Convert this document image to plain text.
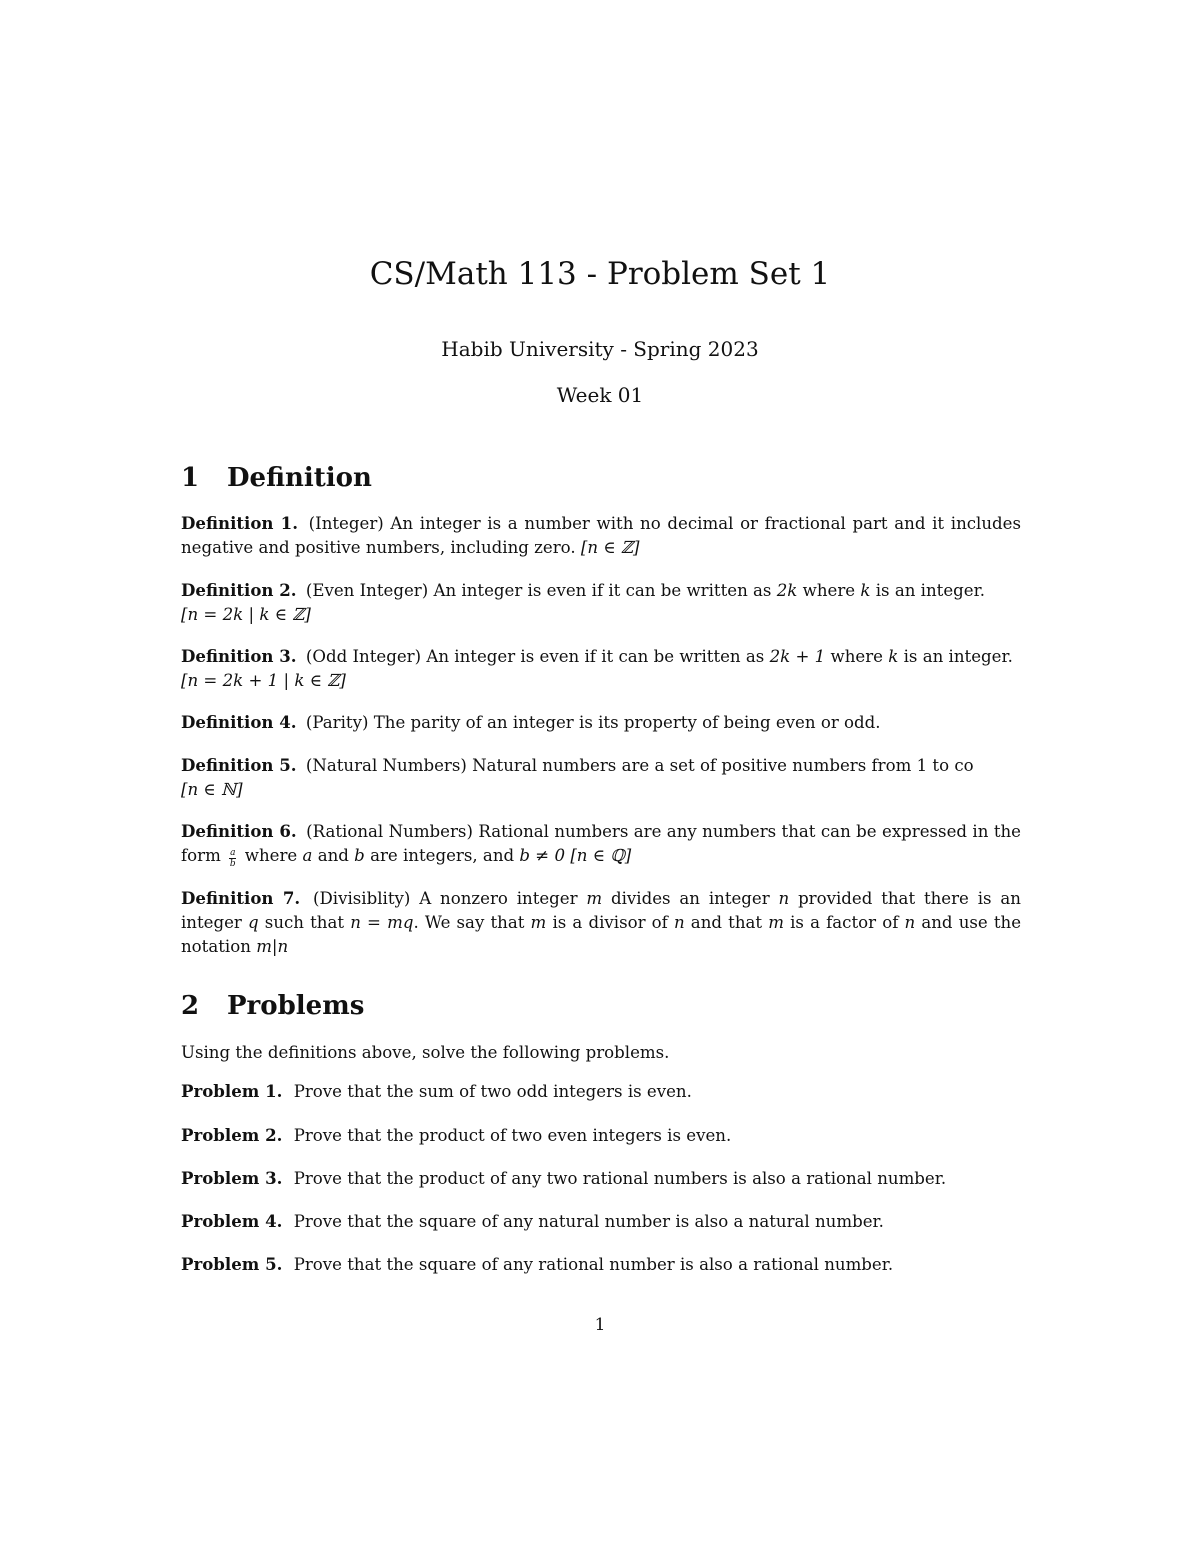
CS/Math 113 - Problem Set 1
Habib University - Spring 2023
Week 01
1 Definition
Definition 1. (Integer) An integer is a number with no decimal or fractional part and it includes negative and positive numbers, including zero. [n ∈ ℤ]
Definition 2. (Even Integer) An integer is even if it can be written as 2k where k is an integer.
[n = 2k | k ∈ ℤ]
Definition 3. (Odd Integer) An integer is even if it can be written as 2k + 1 where k is an integer.
[n = 2k + 1 | k ∈ ℤ]
Definition 4. (Parity) The parity of an integer is its property of being even or odd.
Definition 5. (Natural Numbers) Natural numbers are a set of positive numbers from 1 to co
[n ∈ ℕ]
Definition 6. (Rational Numbers) Rational numbers are any numbers that can be expressed in the form $\frac{a}{b}$ where a and b are integers, and b ≠ 0 [n ∈ ℚ]
Definition 7. (Divisiblity) A nonzero integer m divides an integer n provided that there is an integer q such that n = mq. We say that m is a divisor of n and that m is a factor of n and use the notation m|n
2 Problems
Using the definitions above, solve the following problems.
Problem 1. Prove that the sum of two odd integers is even.
Problem 2. Prove that the product of two even integers is even.
Problem 3. Prove that the product of any two rational numbers is also a rational number.
Problem 4. Prove that the square of any natural number is also a natural number.
Problem 5. Prove that the square of any rational number is also a rational number.
1
